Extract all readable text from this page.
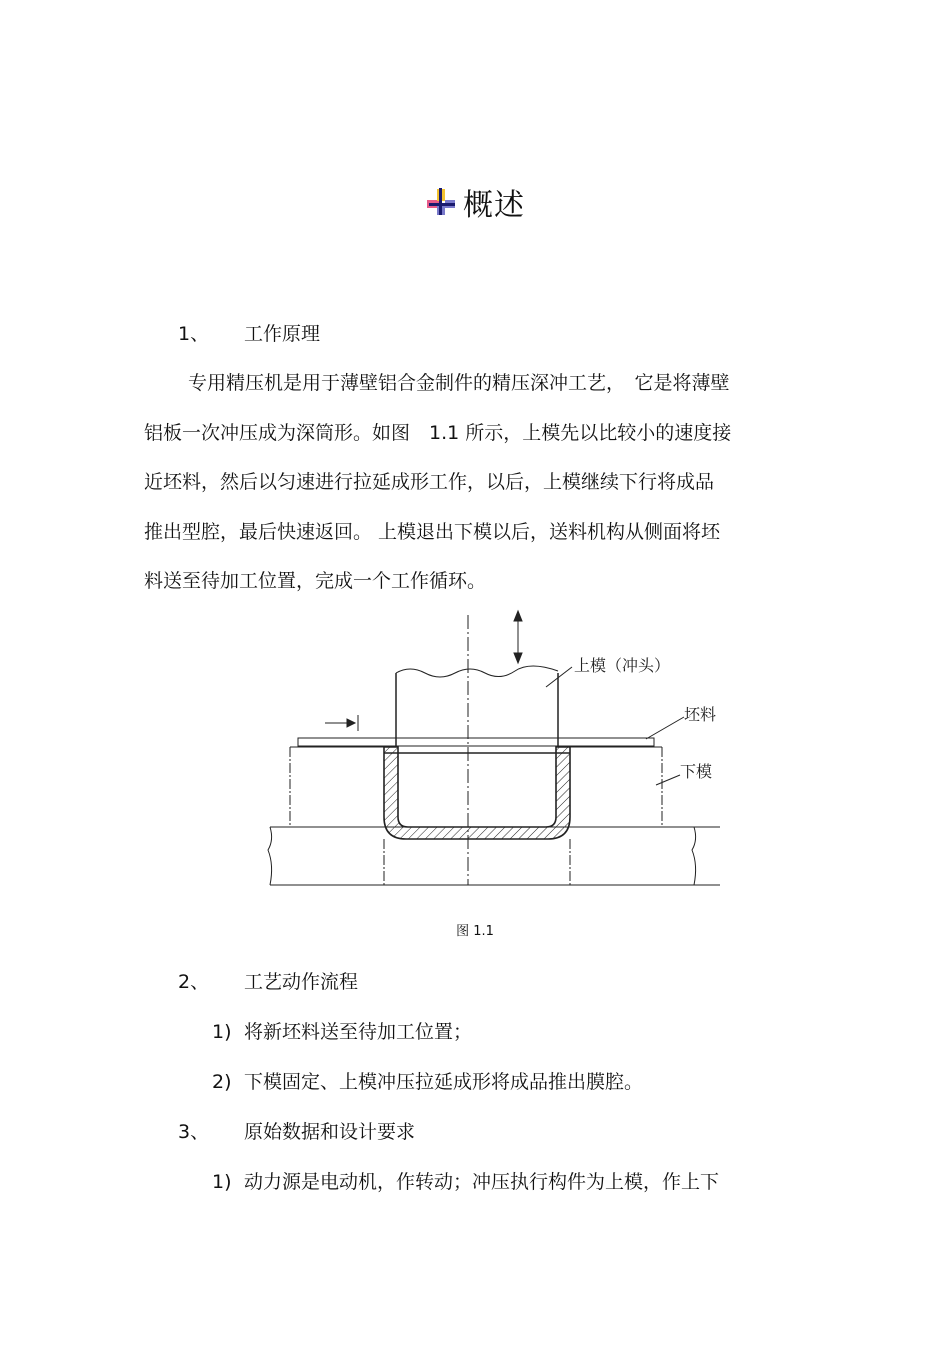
概述
1、 工作原理
专用精压机是用于薄壁铝合金制件的精压深冲工艺，　它是将薄壁
铝板一次冲压成为深筒形。如图　1.1 所示，上模先以比较小的速度接
近坯料，然后以匀速进行拉延成形工作，以后，上模继续下行将成品
推出型腔，最后快速返回。 上模退出下模以后，送料机构从侧面将坯
料送至待加工位置，完成一个工作循环。
上模（冲头）
坯料
下模
图 1.1
2、 工艺动作流程
1) 将新坯料送至待加工位置；
2) 下模固定、上模冲压拉延成形将成品推出膜腔。
3、 原始数据和设计要求
1) 动力源是电动机，作转动；冲压执行构件为上模，作上下
